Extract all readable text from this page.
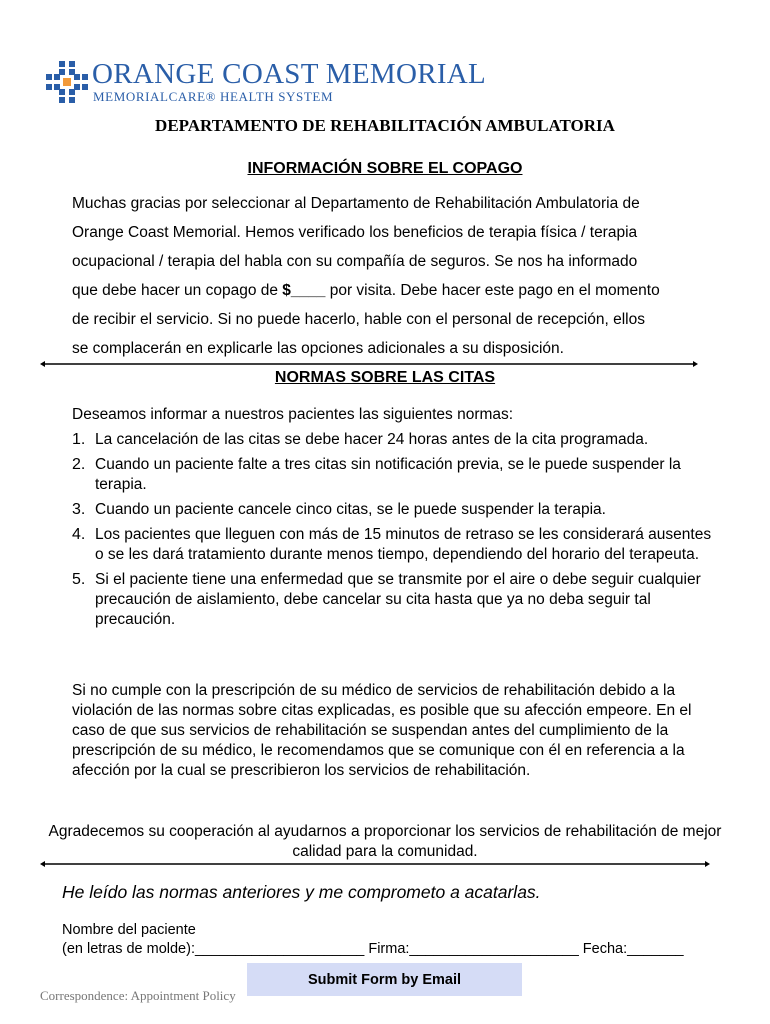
ORANGE COAST MEMORIAL
MEMORIALCARE® HEALTH SYSTEM
DEPARTAMENTO DE REHABILITACIÓN AMBULATORIA
INFORMACIÓN SOBRE EL COPAGO

Muchas gracias por seleccionar al Departamento de Rehabilitación Ambulatoria de

Orange Coast Memorial. Hemos verificado los beneficios de terapia física / terapia

ocupacional / terapia del habla con su compañía de seguros. Se nos ha informado

que debe hacer un copago de $____ por visita. Debe hacer este pago en el momento

de recibir el servicio. Si no puede hacerlo, hable con el personal de recepción, ellos

se complacerán en explicarle las opciones adicionales a su disposición.

NORMAS SOBRE LAS CITAS
Deseamos informar a nuestros pacientes las siguientes normas:
1. La cancelación de las citas se debe hacer 24 horas antes de la cita programada.
2. Cuando un paciente falte a tres citas sin notificación previa, se le puede suspender la terapia.
3. Cuando un paciente cancele cinco citas, se le puede suspender la terapia.
4. Los pacientes que lleguen con más de 15 minutos de retraso se les considerará ausentes o se les dará tratamiento durante menos tiempo, dependiendo del horario del terapeuta.
5. Si el paciente tiene una enfermedad que se transmite por el aire o debe seguir cualquier precaución de aislamiento, debe cancelar su cita hasta que ya no deba seguir tal precaución.
Si no cumple con la prescripción de su médico de servicios de rehabilitación debido a la violación de las normas sobre citas explicadas, es posible que su afección empeore. En el caso de que sus servicios de rehabilitación se suspendan antes del cumplimiento de la prescripción de su médico, le recomendamos que se comunique con él en referencia a la afección por la cual se prescribieron los servicios de rehabilitación.
Agradecemos su cooperación al ayudarnos a proporcionar los servicios de rehabilitación de mejor calidad para la comunidad.
He leído las normas anteriores y me comprometo a acatarlas.
Nombre del paciente
(en letras de molde):_____________________ Firma:_____________________ Fecha:_______
Submit Form by Email
Correspondence: Appointment Policy
